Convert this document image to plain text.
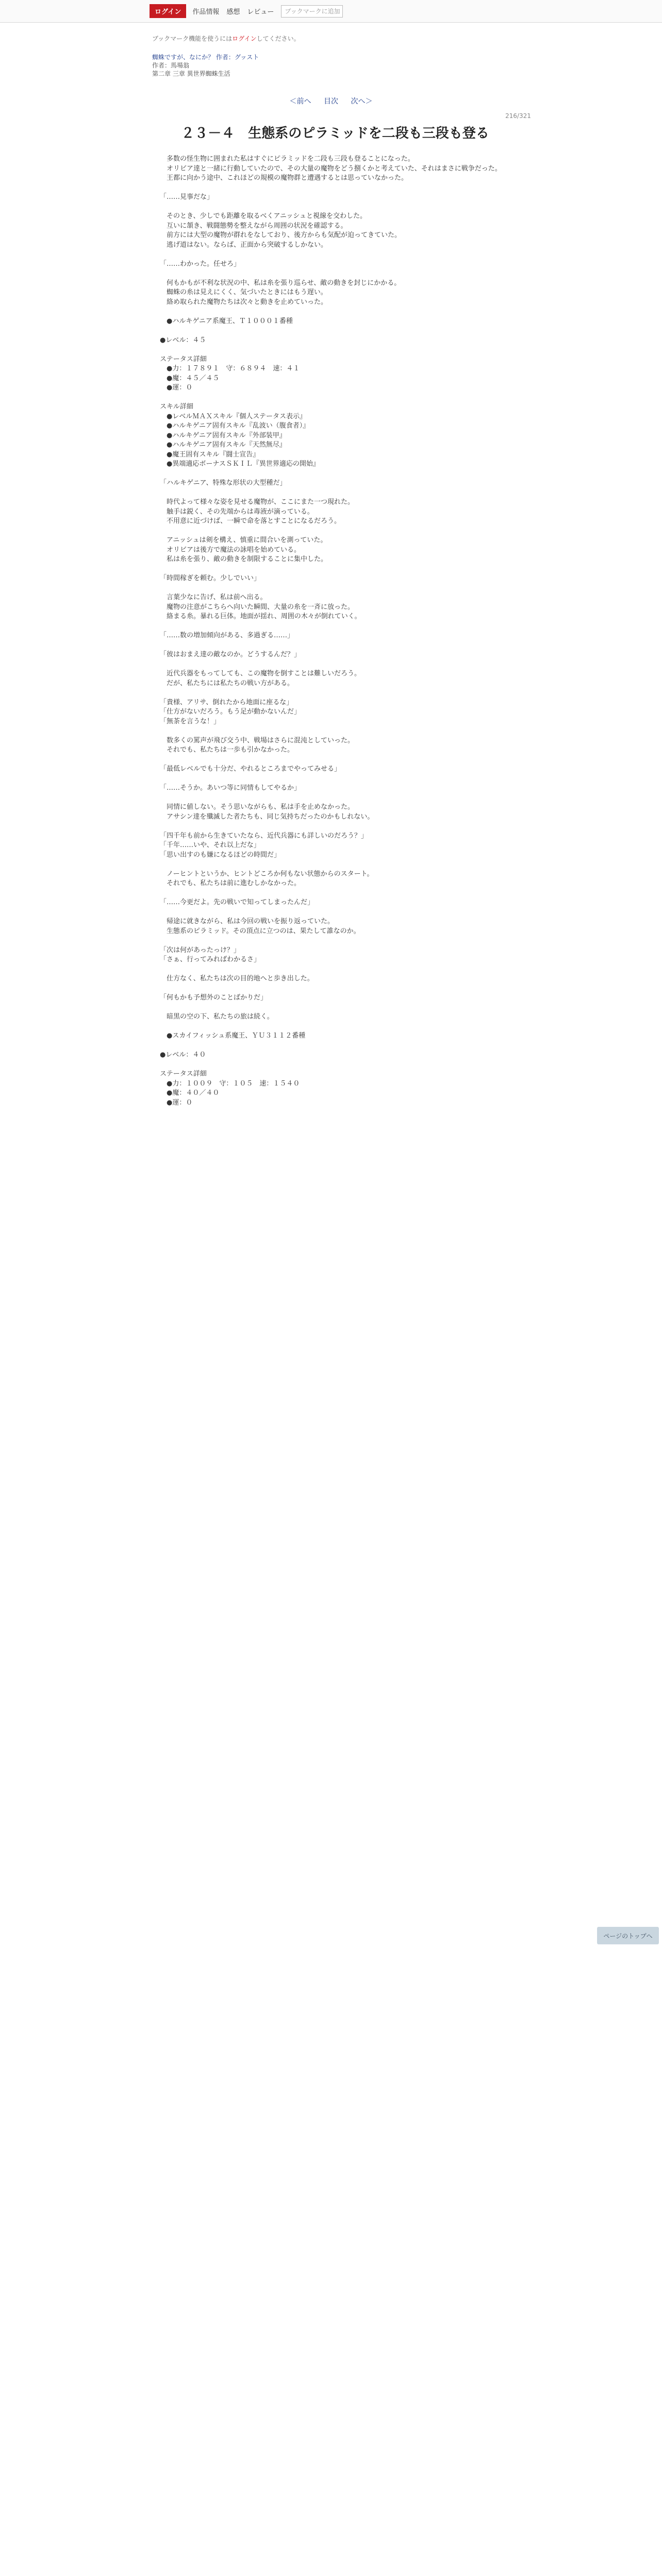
ログイン	作品情報 感想 レビュー	ブックマークに追加
ブックマーク機能を使うにはログインしてください。
蜘蛛ですが、なにか？ 作者：グッスト
作者：馬場翁
第二章 三章 異世界蜘蛛生活
＜前へ 目次 次へ＞
216/321
２３－４　生態系のピラミッドを二段も三段も登る

　多数の怪生物に囲まれた私はすぐにピラミッドを二段も三段も登ることになった。

　オリビア達と一緒に行動していたので、その大量の魔物をどう捌くかと考えていた、それはまさに戦争だった。

　王都に向かう途中、これほどの規模の魔物群と遭遇するとは思っていなかった。

「……見事だな」

　そのとき、少しでも距離を取るべくアニッシュと視線を交わした。

　互いに頷き、戦闘態勢を整えながら周囲の状況を確認する。

　前方には大型の魔物が群れをなしており、後方からも気配が迫ってきていた。

　逃げ道はない。ならば、正面から突破するしかない。

「……わかった。任せろ」

　何もかもが不利な状況の中、私は糸を張り巡らせ、敵の動きを封じにかかる。

　蜘蛛の糸は見えにくく、気づいたときにはもう遅い。

　絡め取られた魔物たちは次々と動きを止めていった。

　●ハルキゲニア系魔王、Ｔ１０００１番種

●レベル：４５

ステータス詳細

　●力：１７８９１　守：６８９４　速：４１

　●魔：４５／４５

　●運：０

スキル詳細

　●レベルＭＡＸスキル『個人ステータス表示』

　●ハルキゲニア固有スキル『乱波い（腹食者）』

　●ハルキゲニア固有スキル『外部装甲』

　●ハルキゲニア固有スキル『天然無尽』

　●魔王固有スキル『闘士宣告』

　●異端適応ボーナスＳＫＩＬ『異世界適応の開始』

「ハルキゲニア、特殊な形状の大型種だ」

　時代よって様々な姿を見せる魔物が、ここにまた一つ現れた。

　触手は鋭く、その先端からは毒液が滴っている。

　不用意に近づけば、一瞬で命を落とすことになるだろう。

　アニッシュは剣を構え、慎重に間合いを測っていた。

　オリビアは後方で魔法の詠唱を始めている。

　私は糸を張り、敵の動きを制限することに集中した。

「時間稼ぎを頼む。少しでいい」

　言葉少なに告げ、私は前へ出る。

　魔物の注意がこちらへ向いた瞬間、大量の糸を一斉に放った。

　絡まる糸。暴れる巨体。地面が揺れ、周囲の木々が倒れていく。

「……数の増加傾向がある、多過ぎる……」

「彼はおまえ達の敵なのか。どうするんだ？」

　近代兵器をもってしても、この魔物を倒すことは難しいだろう。

　だが、私たちには私たちの戦い方がある。

「貴様、アリサ、倒れたから地面に座るな」

「仕方がないだろう。もう足が動かないんだ」

「無茶を言うな！」

　数多くの罵声が飛び交う中、戦場はさらに混沌としていった。

　それでも、私たちは一歩も引かなかった。

「最低レベルでも十分だ、やれるところまでやってみせる」

「……そうか。あいつ等に同情もしてやるか」

　同情に値しない。そう思いながらも、私は手を止めなかった。

　アサシン達を殲滅した者たちも、同じ気持ちだったのかもしれない。

「四千年も前から生きていたなら、近代兵器にも詳しいのだろう？」

「千年……いや、それ以上だな」

「思い出すのも嫌になるほどの時間だ」

　ノーヒントというか、ヒントどころか何もない状態からのスタート。

　それでも、私たちは前に進むしかなかった。

「……今更だよ。先の戦いで知ってしまったんだ」

　帰途に就きながら、私は今回の戦いを振り返っていた。

　生態系のピラミッド。その頂点に立つのは、果たして誰なのか。

「次は何があったっけ？」

「さぁ、行ってみればわかるさ」

　仕方なく、私たちは次の目的地へと歩き出した。

「何もかも予想外のことばかりだ」

　暗黒の空の下、私たちの旅は続く。

　●スカイフィッシュ系魔王、ＹＵ３１１２番種

●レベル：４０

ステータス詳細

　●力：１００９　守：１０５　速：１５４０

　●魔：４０／４０

　●運：０

ページのトップへ
